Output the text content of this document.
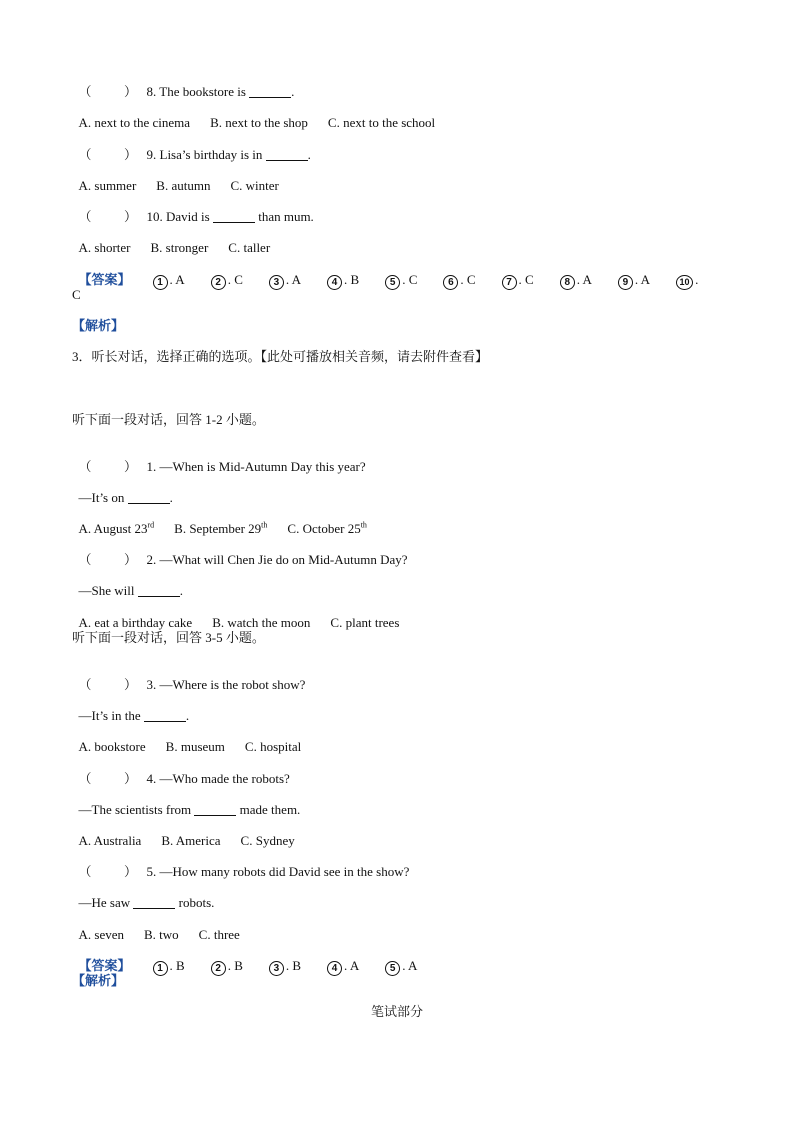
（          ） 8. The bookstore is	.

A. next to the cinema B. next to the shop C. next to the school

（          ） 9. Lisa’s birthday is in	.

A. summer B. autumn C. winter

（          ） 10. David is	than mum.

A. shorter B. stronger C. taller

【答案】	1 . A	2 . C	3 . A	4 . B	5 . C	6 . C	7 . C	8 . A	9 . A	10 .

C
【解析】
3．听长对话，选择正确的选项。【此处可播放相关音频，请去附件查看】
听下面一段对话，回答 1-2 小题。

（          ） 1. —When is Mid-Autumn Day this year?

—It’s on	.

A. August 23rd B. September 29th C. October 25th

（          ） 2. —What will Chen Jie do on Mid-Autumn Day?

—She will	.

A. eat a birthday cake B. watch the moon C. plant trees

听下面一段对话，回答 3-5 小题。

（          ） 3. —Where is the robot show?

—It’s in the	.

A. bookstore B. museum C. hospital

（          ） 4. —Who made the robots?

—The scientists from	made them.

A. Australia B. America C. Sydney

（          ） 5. —How many robots did David see in the show?

—He saw	robots.

A. seven B. two C. three

【答案】	1 . B	2 . B	3 . B	4 . A	5 . A

【解析】
笔试部分
